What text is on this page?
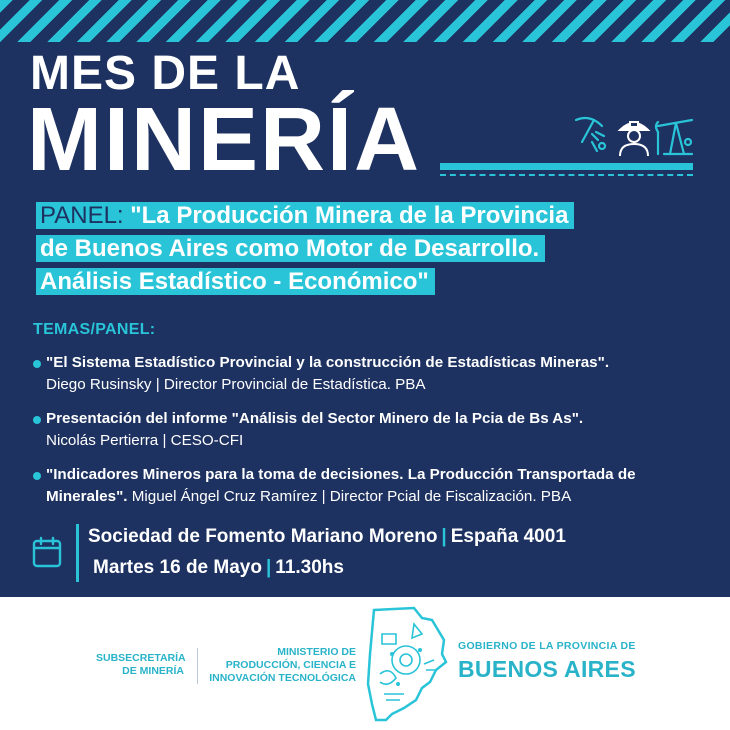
MES DE LA
MINERÍA
PANEL: "La Producción Minera de la Provincia
de Buenos Aires como Motor de Desarrollo.
Análisis Estadístico - Económico"
TEMAS/PANEL:
"El Sistema Estadístico Provincial y la construcción de Estadísticas Mineras".
Diego Rusinsky | Director Provincial de Estadística. PBA
Presentación del informe "Análisis del Sector Minero de la Pcia de Bs As".
Nicolás Pertierra | CESO-CFI
"Indicadores Mineros para la toma de decisiones. La Producción Transportada de Minerales". Miguel Ángel Cruz Ramírez | Director Pcial de Fiscalización. PBA
Sociedad de Fomento Mariano Moreno | España 4001
Martes 16 de Mayo | 11.30hs
SUBSECRETARÍA
DE MINERÍA
MINISTERIO DE
PRODUCCIÓN, CIENCIA E
INNOVACIÓN TECNOLÓGICA
GOBIERNO DE LA PROVINCIA DE
BUENOS AIRES
